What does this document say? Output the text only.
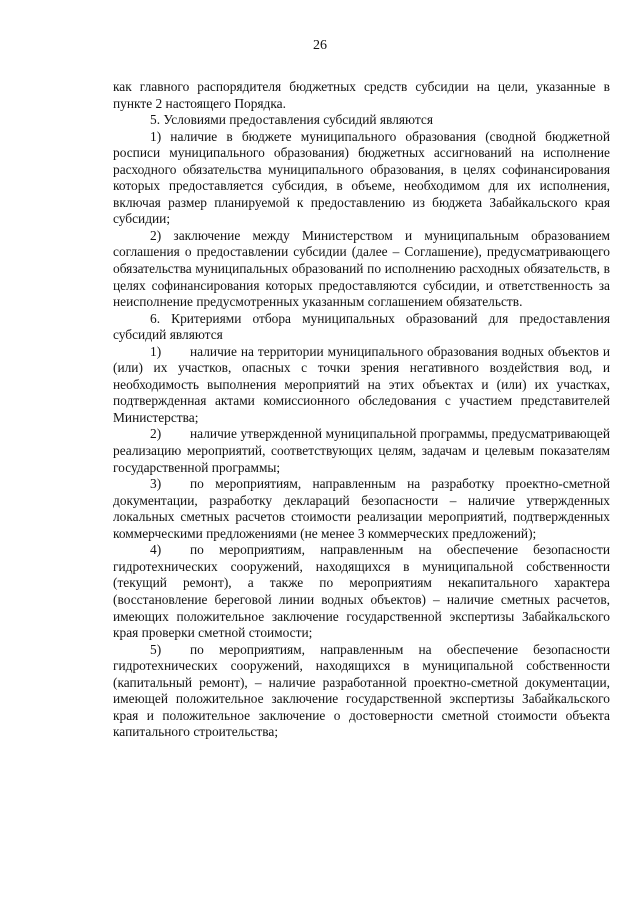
26

как главного распорядителя бюджетных средств субсидии на цели, указанные в пункте 2 настоящего Порядка.

5. Условиями предоставления субсидий являются

1) наличие в бюджете муниципального образования (сводной бюджетной росписи муниципального образования) бюджетных ассигнований на исполнение расходного обязательства муниципального образования, в целях софинансирования которых предоставляется субсидия, в объеме, необходимом для их исполнения, включая размер планируемой к предоставлению из бюджета Забайкальского края субсидии;

2) заключение между Министерством и муниципальным образованием соглашения о предоставлении субсидии (далее – Соглашение), предусматривающего обязательства муниципальных образований по исполнению расходных обязательств, в целях софинансирования которых предоставляются субсидии, и ответственность за неисполнение предусмотренных указанным соглашением обязательств.

6. Критериями отбора муниципальных образований для предоставления субсидий являются

1) наличие на территории муниципального образования водных объектов и (или) их участков, опасных с точки зрения негативного воздействия вод, и необходимость выполнения мероприятий на этих объектах и (или) их участках, подтвержденная актами комиссионного обследования с участием представителей Министерства;

2) наличие утвержденной муниципальной программы, предусматривающей реализацию мероприятий, соответствующих целям, задачам и целевым показателям государственной программы;

3) по мероприятиям, направленным на разработку проектно-сметной документации, разработку деклараций безопасности – наличие утвержденных локальных сметных расчетов стоимости реализации мероприятий, подтвержденных коммерческими предложениями (не менее 3 коммерческих предложений);

4) по мероприятиям, направленным на обеспечение безопасности гидротехнических сооружений, находящихся в муниципальной собственности (текущий ремонт), а также по мероприятиям некапитального характера (восстановление береговой линии водных объектов) – наличие сметных расчетов, имеющих положительное заключение государственной экспертизы Забайкальского края проверки сметной стоимости;

5) по мероприятиям, направленным на обеспечение безопасности гидротехнических сооружений, находящихся в муниципальной собственности (капитальный ремонт), – наличие разработанной проектно-сметной документации, имеющей положительное заключение государственной экспертизы Забайкальского края и положительное заключение о достоверности сметной стоимости объекта капитального строительства;
